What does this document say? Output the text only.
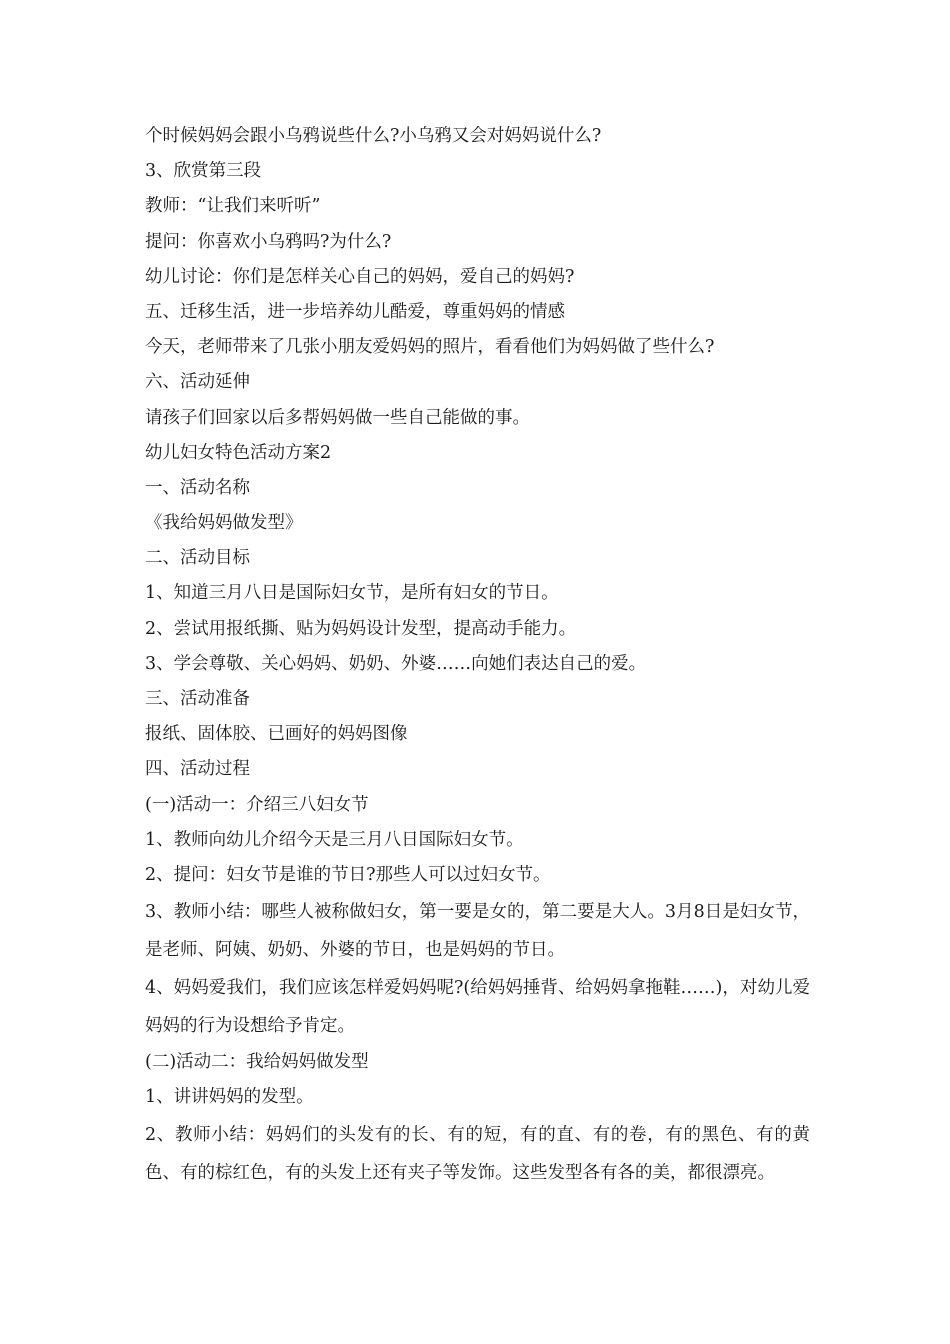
个时候妈妈会跟小乌鸦说些什么?小乌鸦又会对妈妈说什么?
3、欣赏第三段
教师：“让我们来听听”
提问：你喜欢小乌鸦吗?为什么?
幼儿讨论：你们是怎样关心自己的妈妈，爱自己的妈妈?
五、迁移生活，进一步培养幼儿酷爱，尊重妈妈的情感
今天，老师带来了几张小朋友爱妈妈的照片，看看他们为妈妈做了些什么?
六、活动延伸
请孩子们回家以后多帮妈妈做一些自己能做的事。
幼儿妇女特色活动方案2
一、活动名称
《我给妈妈做发型》
二、活动目标
1、知道三月八日是国际妇女节，是所有妇女的节日。
2、尝试用报纸撕、贴为妈妈设计发型，提高动手能力。
3、学会尊敬、关心妈妈、奶奶、外婆……向她们表达自己的爱。
三、活动准备
报纸、固体胶、已画好的妈妈图像
四、活动过程
(一)活动一：介绍三八妇女节
1、教师向幼儿介绍今天是三月八日国际妇女节。
2、提问：妇女节是谁的节日?那些人可以过妇女节。
3、教师小结：哪些人被称做妇女，第一要是女的，第二要是大人。3月8日是妇女节，是老师、阿姨、奶奶、外婆的节日，也是妈妈的节日。
4、妈妈爱我们，我们应该怎样爱妈妈呢?(给妈妈捶背、给妈妈拿拖鞋……)，对幼儿爱妈妈的行为设想给予肯定。
(二)活动二：我给妈妈做发型
1、讲讲妈妈的发型。
2、教师小结：妈妈们的头发有的长、有的短，有的直、有的卷，有的黑色、有的黄色、有的棕红色，有的头发上还有夹子等发饰。这些发型各有各的美，都很漂亮。
